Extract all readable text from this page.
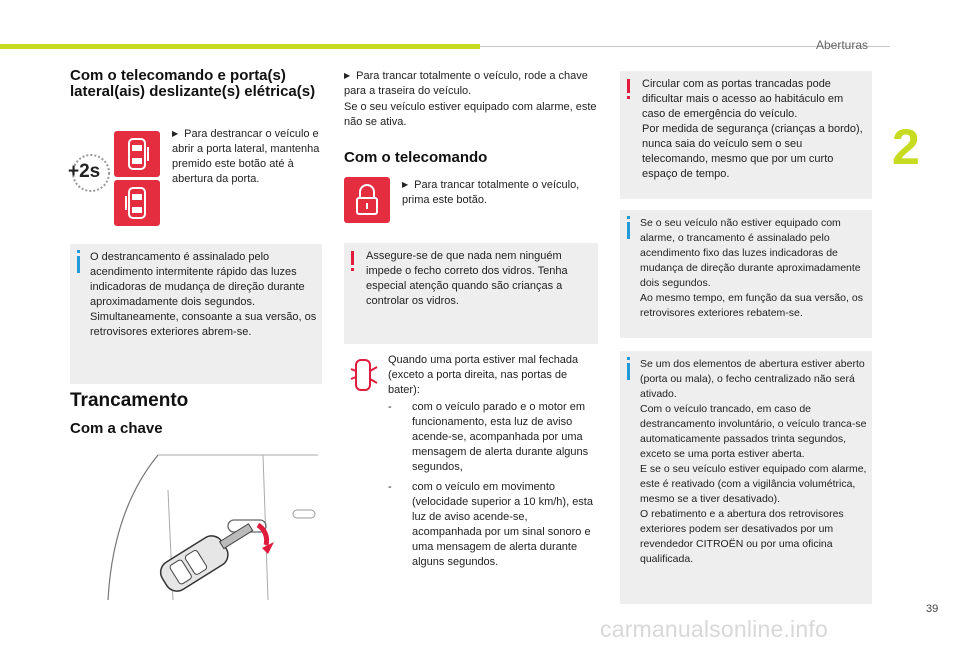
Aberturas
2
39
carmanualsonline.info
Com o telecomando e porta(s) lateral(ais) deslizante(s) elétrica(s)
+2s
▶ Para destrancar o veículo e abrir a porta lateral, mantenha premido este botão até à abertura da porta.
O destrancamento é assinalado pelo acendimento intermitente rápido das luzes indicadoras de mudança de direção durante aproximadamente dois segundos. Simultaneamente, consoante a sua versão, os retrovisores exteriores abrem-se.
Trancamento
Com a chave
▶ Para trancar totalmente o veículo, rode a chave para a traseira do veículo.
Se o seu veículo estiver equipado com alarme, este não se ativa.
Com o telecomando
▶ Para trancar totalmente o veículo, prima este botão.
Assegure-se de que nada nem ninguém impede o fecho correto dos vidros. Tenha especial atenção quando são crianças a controlar os vidros.
Quando uma porta estiver mal fechada (exceto a porta direita, nas portas de bater):
- com o veículo parado e o motor em funcionamento, esta luz de aviso acende-se, acompanhada por uma mensagem de alerta durante alguns segundos,
- com o veículo em movimento (velocidade superior a 10 km/h), esta luz de aviso acende-se, acompanhada por um sinal sonoro e uma mensagem de alerta durante alguns segundos.

Circular com as portas trancadas pode dificultar mais o acesso ao habitáculo em caso de emergência do veículo.

Por medida de segurança (crianças a bordo), nunca saia do veículo sem o seu telecomando, mesmo que por um curto espaço de tempo.

Se o seu veículo não estiver equipado com alarme, o trancamento é assinalado pelo acendimento fixo das luzes indicadoras de mudança de direção durante aproximadamente dois segundos.

Ao mesmo tempo, em função da sua versão, os retrovisores exteriores rebatem-se.

Se um dos elementos de abertura estiver aberto (porta ou mala), o fecho centralizado não será ativado.

Com o veículo trancado, em caso de destrancamento involuntário, o veículo tranca-se automaticamente passados trinta segundos, exceto se uma porta estiver aberta.

E se o seu veículo estiver equipado com alarme, este é reativado (com a vigilância volumétrica, mesmo se a tiver desativado).

O rebatimento e a abertura dos retrovisores exteriores podem ser desativados por um revendedor CITROËN ou por uma oficina qualificada.
